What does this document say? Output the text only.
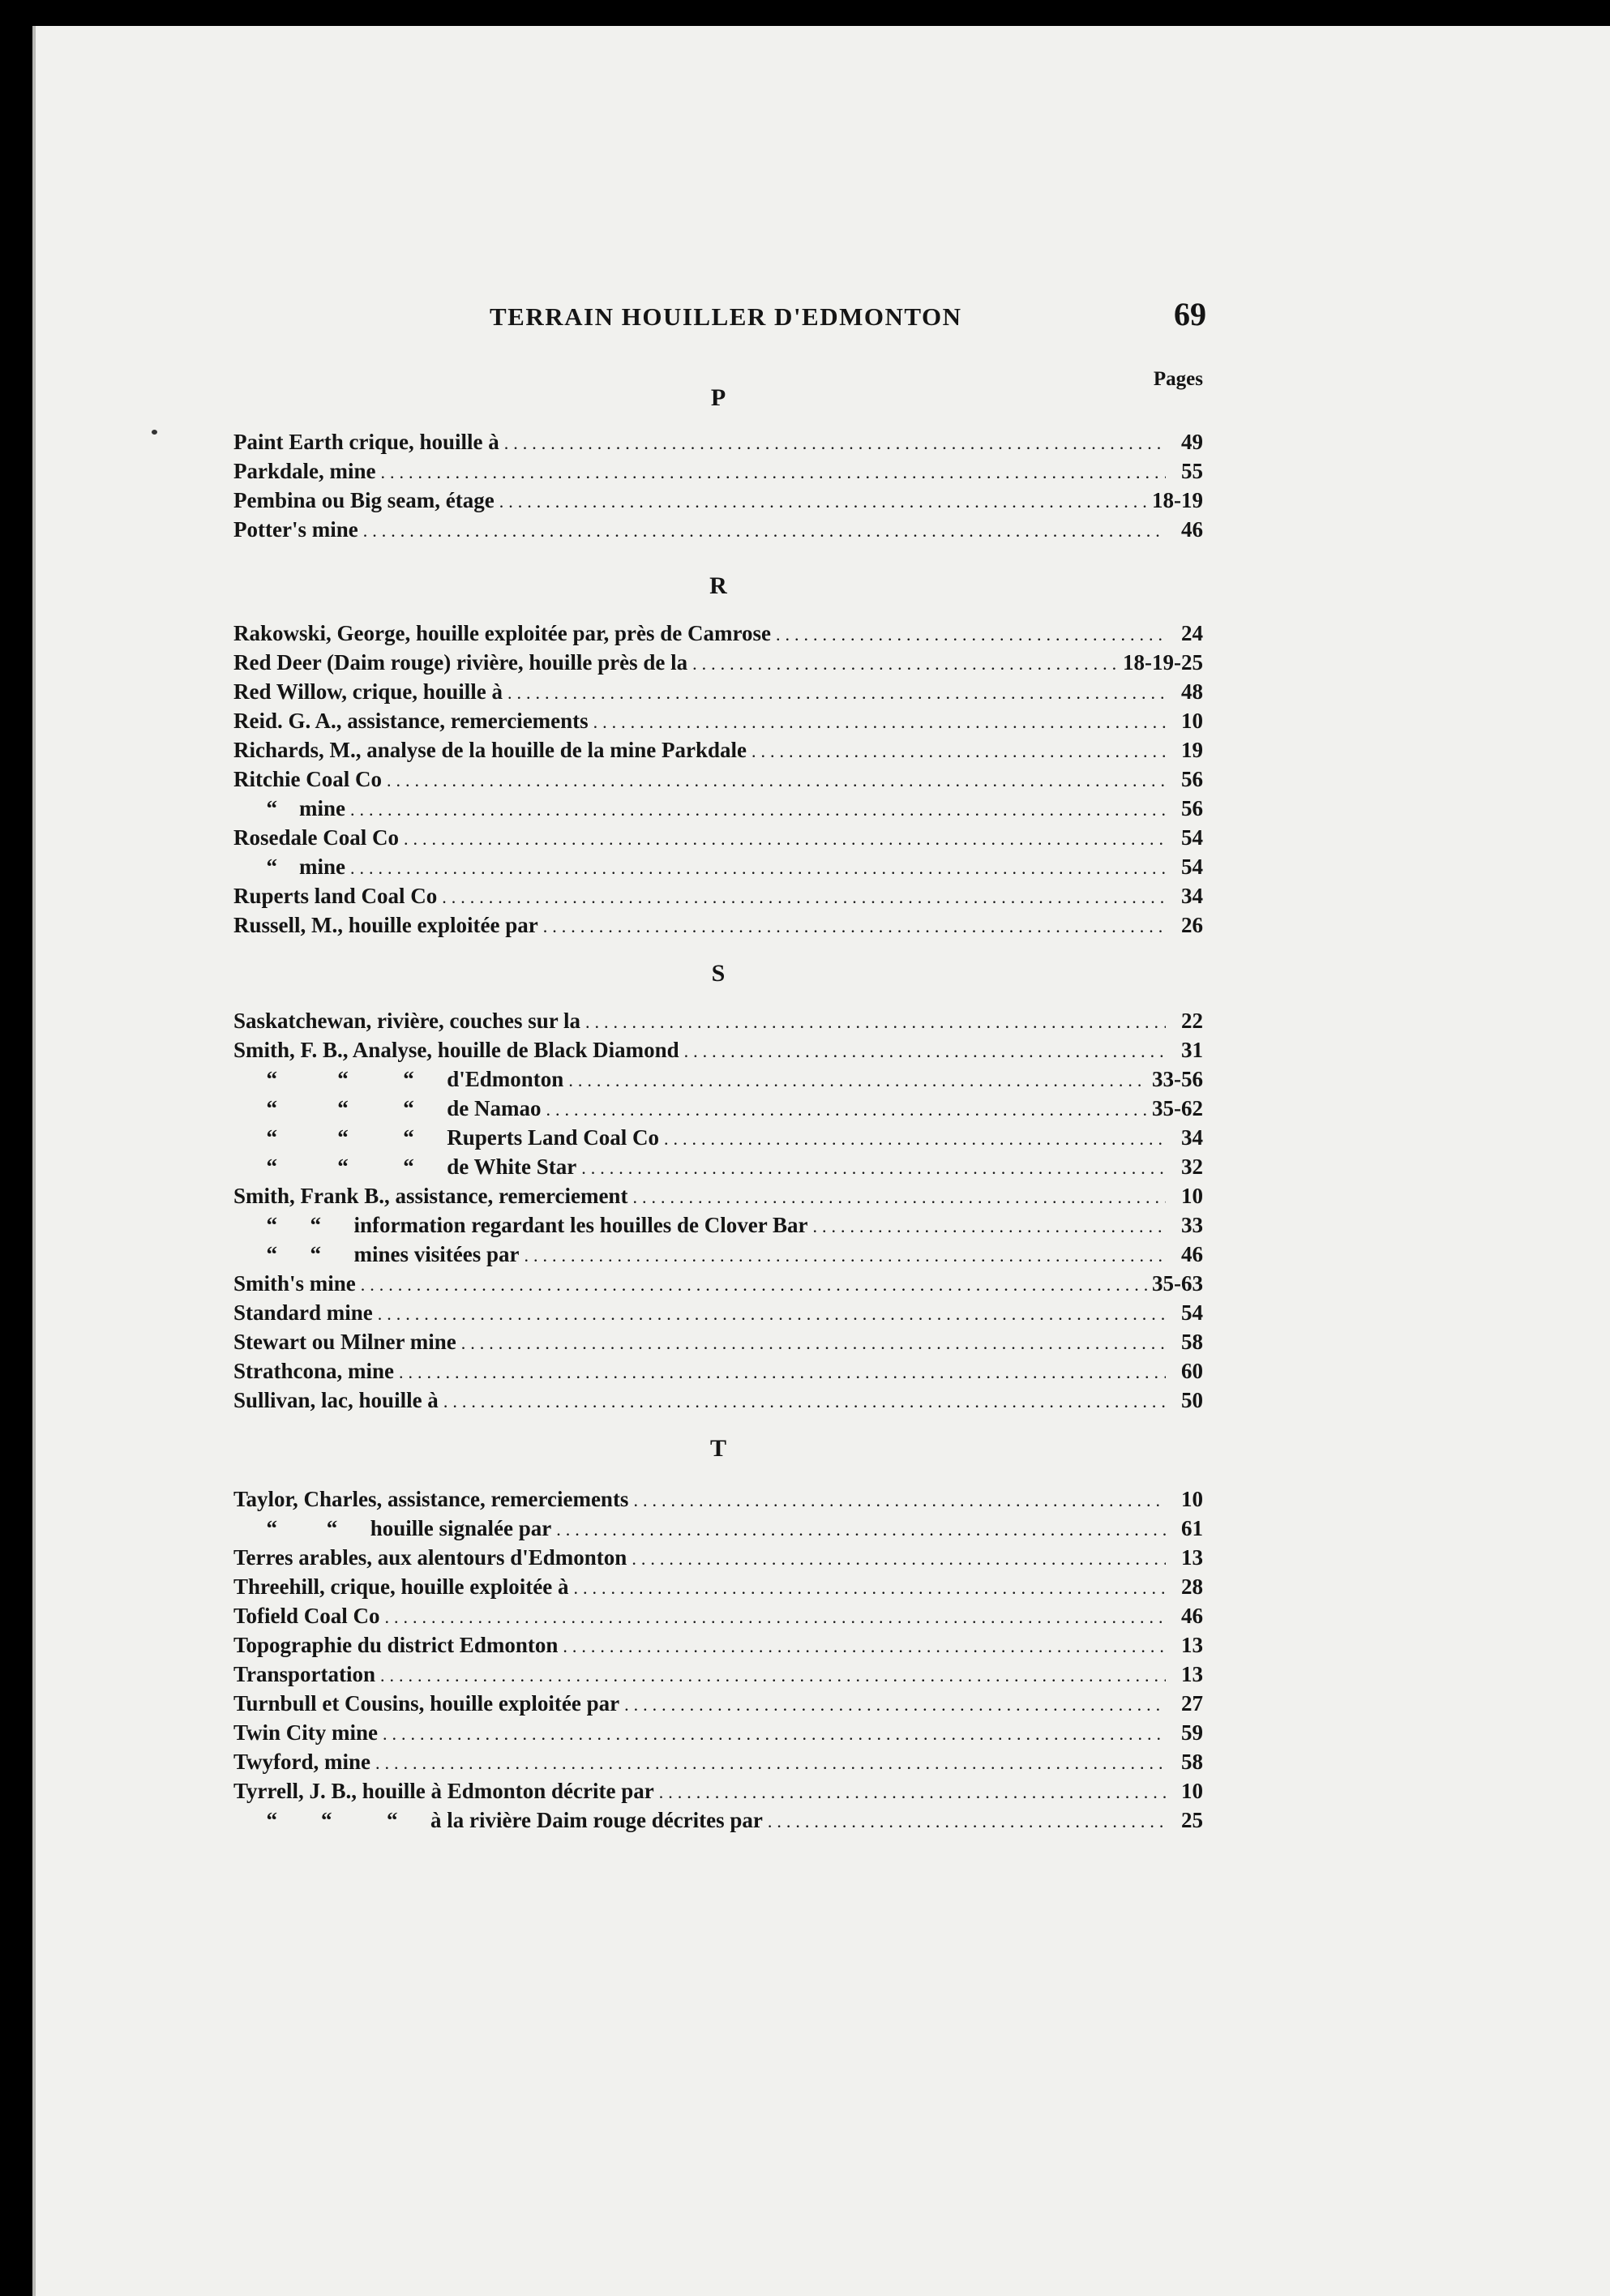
TERRAIN HOUILLER D'EDMONTON	69
Pages
P
Paint Earth crique, houille à .....	49
Parkdale, mine .....	55
Pembina ou Big seam, étage .....	18-19
Potter's mine .....	46
R
Rakowski, George, houille exploitée par, près de Camrose .....	24
Red Deer (Daim rouge) rivière, houille près de la .....	18-19-25
Red Willow, crique, houille à .....	48
Reid. G. A., assistance, remerciements .....	10
Richards, M., analyse de la houille de la mine Parkdale .....	19
Ritchie Coal Co .....	56
“    mine .....	56
Rosedale Coal Co .....	54
“    mine .....	54
Ruperts land Coal Co .....	34
Russell, M., houille exploitée par .....	26
S
Saskatchewan, rivière, couches sur la .....	22
Smith, F. B., Analyse, houille de Black Diamond .....	31
“           “          “      d'Edmonton .....	33-56
“           “          “      de Namao .....	35-62
“           “          “      Ruperts Land Coal Co .....	34
“           “          “      de White Star .....	32
Smith, Frank B., assistance, remerciement .....	10
“      “      information regardant les houilles de Clover Bar .....	33
“      “      mines visitées par .....	46
Smith's mine .....	35-63
Standard mine .....	54
Stewart ou Milner mine .....	58
Strathcona, mine .....	60
Sullivan, lac, houille à .....	50
T
Taylor, Charles, assistance, remerciements .....	10
“         “      houille signalée par .....	61
Terres arables, aux alentours d'Edmonton .....	13
Threehill, crique, houille exploitée à .....	28
Tofield Coal Co .....	46
Topographie du district Edmonton .....	13
Transportation .....	13
Turnbull et Cousins, houille exploitée par .....	27
Twin City mine .....	59
Twyford, mine .....	58
Tyrrell, J. B., houille à Edmonton décrite par .....	10
“        “          “      à la rivière Daim rouge décrites par .....	25
